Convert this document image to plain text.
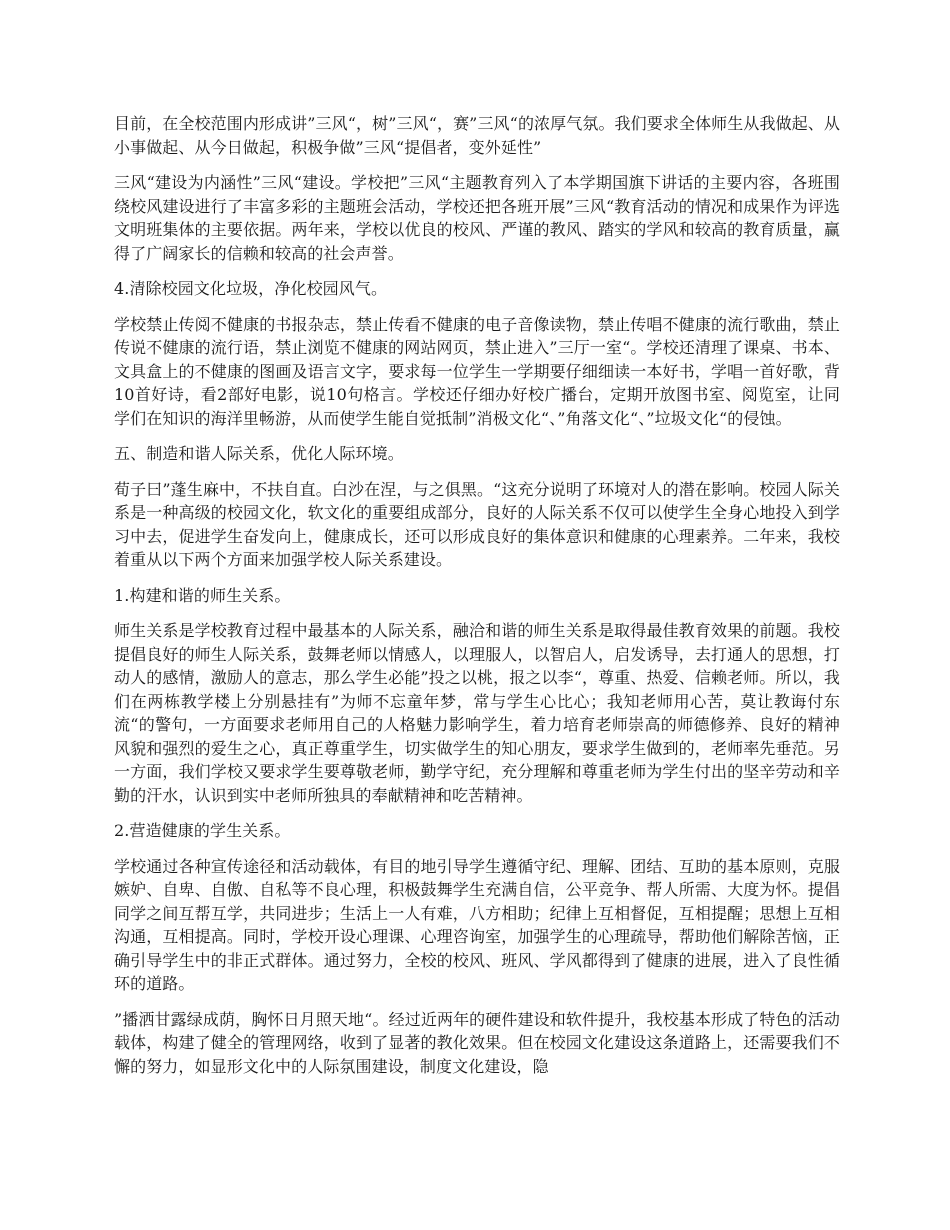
目前，在全校范围内形成讲”三风“，树”三风“，赛”三风“的浓厚气氛。我们要求全体师生从我做起、从小事做起、从今日做起，积极争做”三风“提倡者，变外延性”

三风“建设为内涵性”三风“建设。学校把”三风“主题教育列入了本学期国旗下讲话的主要内容，各班围绕校风建设进行了丰富多彩的主题班会活动，学校还把各班开展”三风“教育活动的情况和成果作为评选文明班集体的主要依据。两年来，学校以优良的校风、严谨的教风、踏实的学风和较高的教育质量，赢得了广阔家长的信赖和较高的社会声誉。

4.清除校园文化垃圾，净化校园风气。

学校禁止传阅不健康的书报杂志，禁止传看不健康的电子音像读物，禁止传唱不健康的流行歌曲，禁止传说不健康的流行语，禁止浏览不健康的网站网页，禁止进入”三厅一室“。学校还清理了课桌、书本、文具盒上的不健康的图画及语言文字，要求每一位学生一学期要仔细细读一本好书，学唱一首好歌，背10首好诗，看2部好电影，说10句格言。学校还仔细办好校广播台，定期开放图书室、阅览室，让同学们在知识的海洋里畅游，从而使学生能自觉抵制”消极文化“、”角落文化“、”垃圾文化“的侵蚀。

五、制造和谐人际关系，优化人际环境。

荀子曰”蓬生麻中，不扶自直。白沙在涅，与之俱黑。“这充分说明了环境对人的潜在影响。校园人际关系是一种高级的校园文化，软文化的重要组成部分，良好的人际关系不仅可以使学生全身心地投入到学习中去，促进学生奋发向上，健康成长，还可以形成良好的集体意识和健康的心理素养。二年来，我校着重从以下两个方面来加强学校人际关系建设。

1.构建和谐的师生关系。

师生关系是学校教育过程中最基本的人际关系，融洽和谐的师生关系是取得最佳教育效果的前题。我校提倡良好的师生人际关系，鼓舞老师以情感人，以理服人，以智启人，启发诱导，去打通人的思想，打动人的感情，激励人的意志，那么学生必能”投之以桃，报之以李“，尊重、热爱、信赖老师。所以，我们在两栋教学楼上分别悬挂有”为师不忘童年梦，常与学生心比心；我知老师用心苦，莫让教诲付东流“的警句，一方面要求老师用自己的人格魅力影响学生，着力培育老师崇高的师德修养、良好的精神风貌和强烈的爱生之心，真正尊重学生，切实做学生的知心朋友，要求学生做到的，老师率先垂范。另一方面，我们学校又要求学生要尊敬老师，勤学守纪，充分理解和尊重老师为学生付出的坚辛劳动和辛勤的汗水，认识到实中老师所独具的奉献精神和吃苦精神。

2.营造健康的学生关系。

学校通过各种宣传途径和活动载体，有目的地引导学生遵循守纪、理解、团结、互助的基本原则，克服嫉妒、自卑、自傲、自私等不良心理，积极鼓舞学生充满自信，公平竞争、帮人所需、大度为怀。提倡同学之间互帮互学，共同进步；生活上一人有难，八方相助；纪律上互相督促，互相提醒；思想上互相沟通，互相提高。同时，学校开设心理课、心理咨询室，加强学生的心理疏导，帮助他们解除苦恼，正确引导学生中的非正式群体。通过努力，全校的校风、班风、学风都得到了健康的进展，进入了良性循环的道路。

”播洒甘露绿成荫，胸怀日月照天地“。经过近两年的硬件建设和软件提升，我校基本形成了特色的活动载体，构建了健全的管理网络，收到了显著的教化效果。但在校园文化建设这条道路上，还需要我们不懈的努力，如显形文化中的人际氛围建设，制度文化建设，隐
